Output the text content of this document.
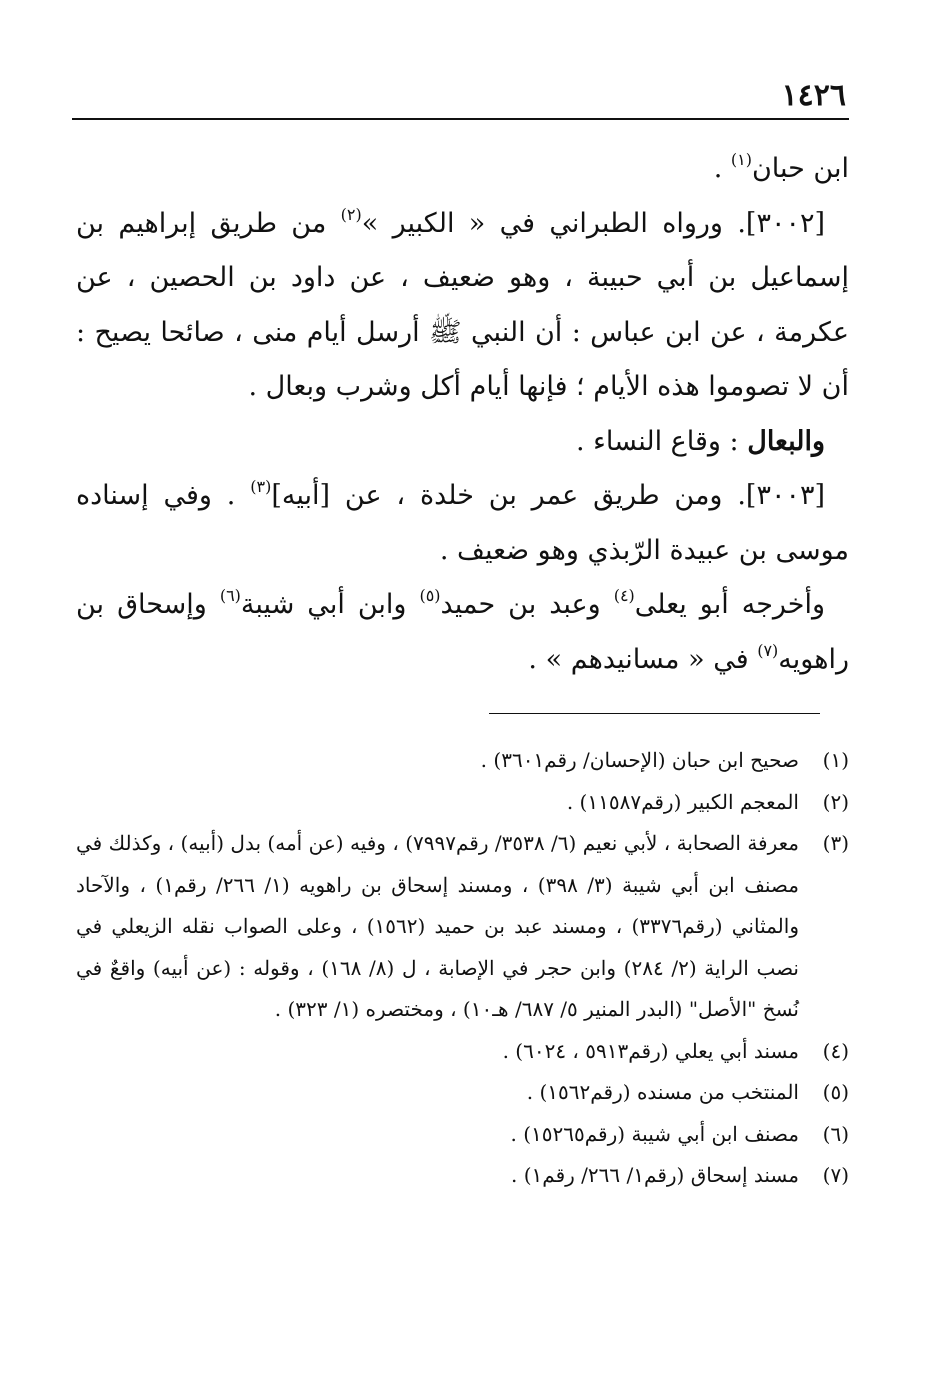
١٤٢٦

ابن حبان$^{(١)}$ .

[٣٠٠٢]. ورواه الطبراني في « الكبير »$^{(٢)}$ من طريق إبراهيم بن إسماعيل بن أبي حبيبة ، وهو ضعيف ، عن داود بن الحصين ، عن عكرمة ، عن ابن عباس : أن النبي ﷺ أرسل أيام منى ، صائحا يصيح : أن لا تصوموا هذه الأيام ؛ فإنها أيام أكل وشرب وبعال .

والبعال : وقاع النساء .

[٣٠٠٣]. ومن طريق عمر بن خلدة ، عن [أبيه]$^{(٣)}$ . وفي إسناده موسى بن عبيدة الرّبذي وهو ضعيف .

وأخرجه أبو يعلى$^{(٤)}$ وعبد بن حميد$^{(٥)}$ وابن أبي شيبة$^{(٦)}$ وإسحاق بن راهويه$^{(٧)}$ في « مسانيدهم » .

(١)
صحيح ابن حبان (الإحسان/ رقم٣٦٠١) .
(٢)
المعجم الكبير (رقم١١٥٨٧) .
(٣)
معرفة الصحابة ، لأبي نعيم (٦/ ٣٥٣٨/ رقم٧٩٩٧) ، وفيه (عن أمه) بدل (أبيه) ، وكذلك في مصنف ابن أبي شيبة (٣/ ٣٩٨) ، ومسند إسحاق بن راهويه (١/ ٢٦٦/ رقم١) ، والآحاد والمثاني (رقم٣٣٧٦) ، ومسند عبد بن حميد (١٥٦٢) ، وعلى الصواب نقله الزيعلي في نصب الراية (٢/ ٢٨٤) وابن حجر في الإصابة ، ل (٨/ ١٦٨) ، وقوله : (عن أبيه) واقعٌ في نُسخ "الأصل" (البدر المنير ٥/ ٦٨٧/ هـ١٠) ، ومختصره (١/ ٣٢٣) .
(٤)
مسند أبي يعلي (رقم٥٩١٣ ، ٦٠٢٤) .
(٥)
المنتخب من مسنده (رقم١٥٦٢) .
(٦)
مصنف ابن أبي شيبة (رقم١٥٢٦٥) .
(٧)
مسند إسحاق (رقم١/ ٢٦٦/ رقم١) .
